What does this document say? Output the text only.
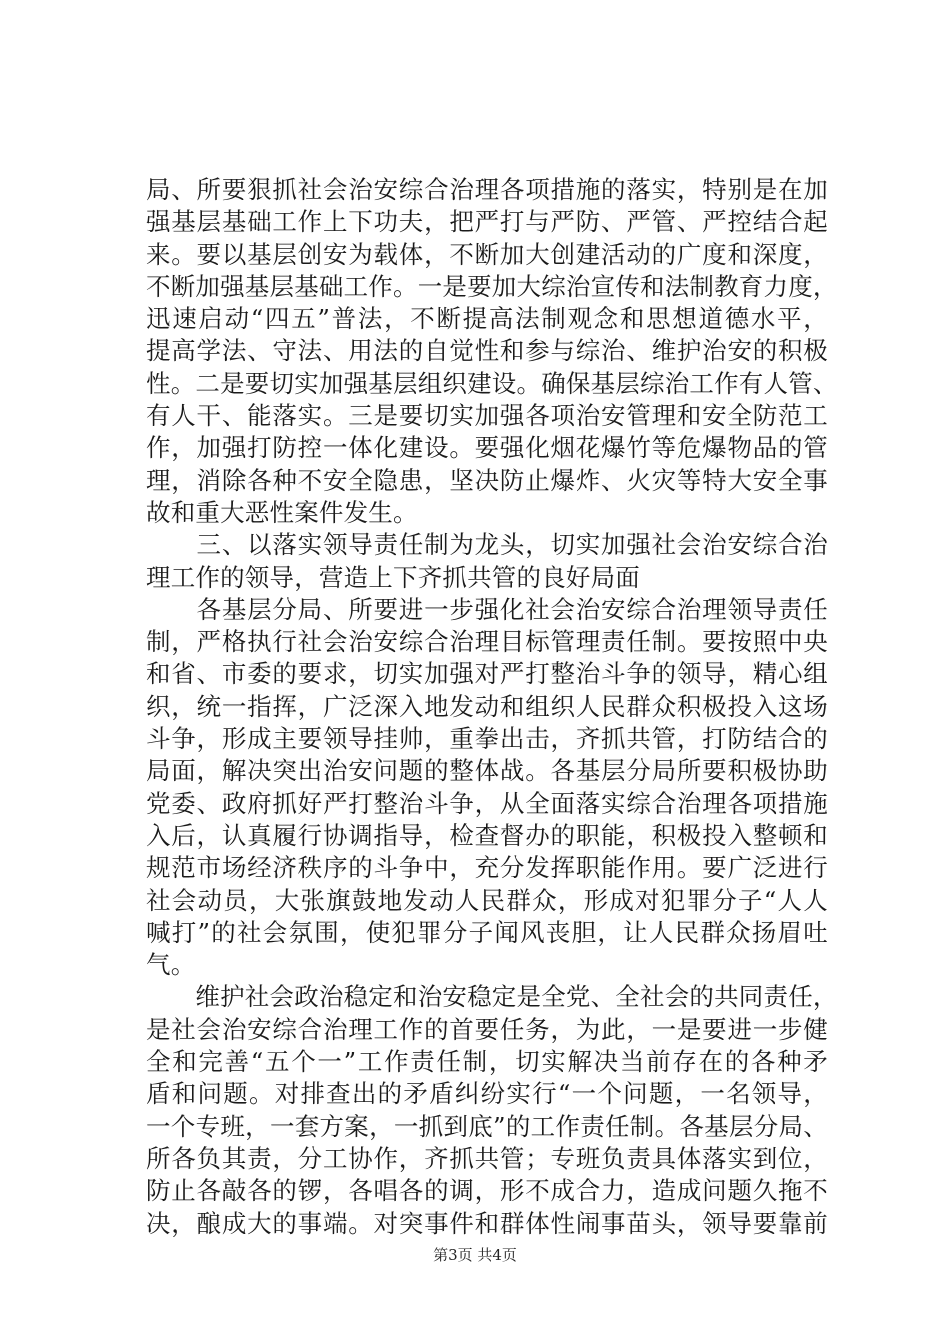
局、所要狠抓社会治安综合治理各项措施的落实，特别是在加
强基层基础工作上下功夫，把严打与严防、严管、严控结合起
来。要以基层创安为载体，不断加大创建活动的广度和深度，
不断加强基层基础工作。一是要加大综治宣传和法制教育力度，
迅速启动“四五”普法，不断提高法制观念和思想道德水平，
提高学法、守法、用法的自觉性和参与综治、维护治安的积极
性。二是要切实加强基层组织建设。确保基层综治工作有人管、
有人干、能落实。三是要切实加强各项治安管理和安全防范工
作，加强打防控一体化建设。要强化烟花爆竹等危爆物品的管
理，消除各种不安全隐患，坚决防止爆炸、火灾等特大安全事
故和重大恶性案件发生。
　　三、以落实领导责任制为龙头，切实加强社会治安综合治
理工作的领导，营造上下齐抓共管的良好局面
　　各基层分局、所要进一步强化社会治安综合治理领导责任
制，严格执行社会治安综合治理目标管理责任制。要按照中央
和省、市委的要求，切实加强对严打整治斗争的领导，精心组
织，统一指挥，广泛深入地发动和组织人民群众积极投入这场
斗争，形成主要领导挂帅，重拳出击，齐抓共管，打防结合的
局面，解决突出治安问题的整体战。各基层分局所要积极协助
党委、政府抓好严打整治斗争，从全面落实综合治理各项措施
入后，认真履行协调指导，检查督办的职能，积极投入整顿和
规范市场经济秩序的斗争中，充分发挥职能作用。要广泛进行
社会动员，大张旗鼓地发动人民群众，形成对犯罪分子“人人
喊打”的社会氛围，使犯罪分子闻风丧胆，让人民群众扬眉吐
气。
　　维护社会政治稳定和治安稳定是全党、全社会的共同责任，
是社会治安综合治理工作的首要任务，为此，一是要进一步健
全和完善“五个一”工作责任制，切实解决当前存在的各种矛
盾和问题。对排查出的矛盾纠纷实行“一个问题，一名领导，
一个专班，一套方案，一抓到底”的工作责任制。各基层分局、
所各负其责，分工协作，齐抓共管；专班负责具体落实到位，
防止各敲各的锣，各唱各的调，形不成合力，造成问题久拖不
决，酿成大的事端。对突事件和群体性闹事苗头，领导要靠前
第3页 共4页
